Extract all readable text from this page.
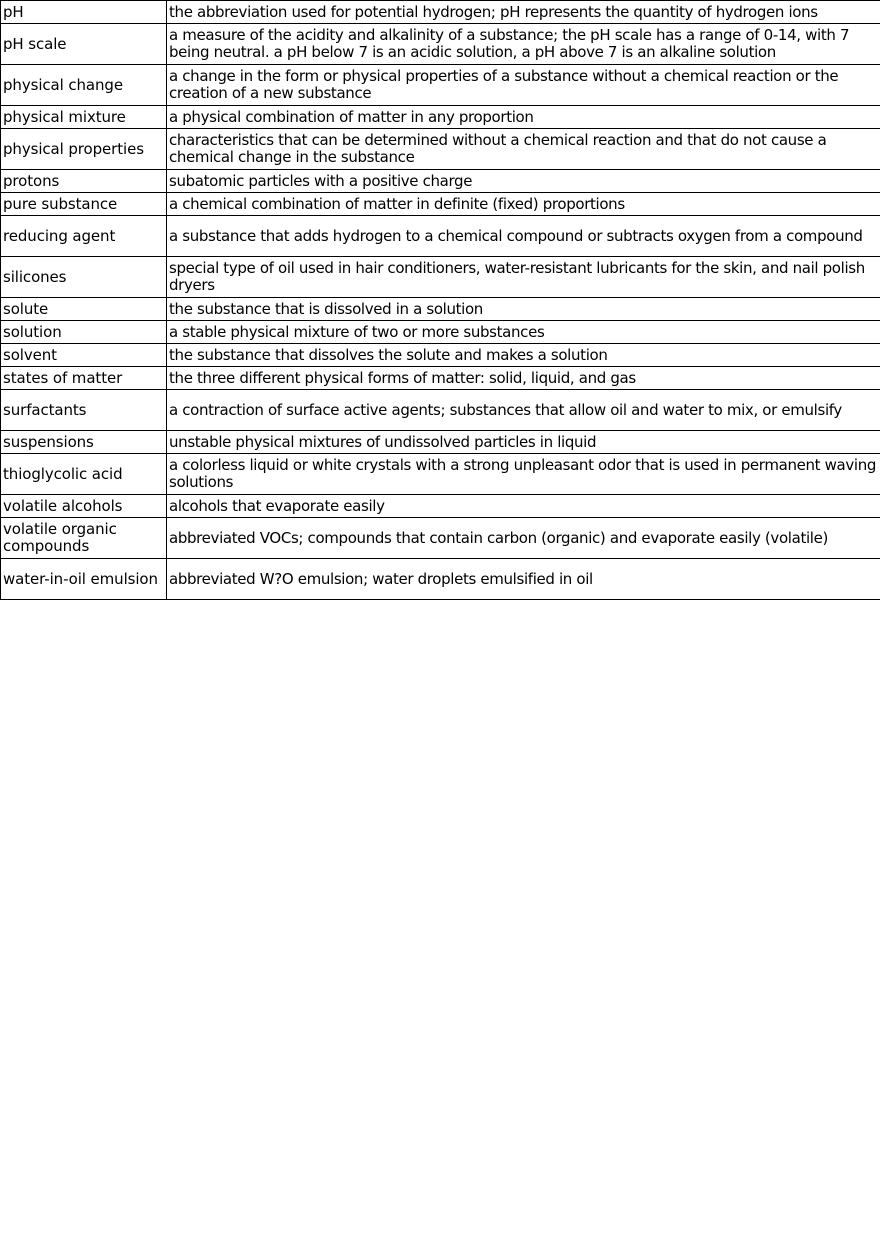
pH	the abbreviation used for potential hydrogen; pH represents the quantity of hydrogen ions
pH scale	a measure of the acidity and alkalinity of a substance; the pH scale has a range of 0-14, with 7 being neutral. a pH below 7 is an acidic solution, a pH above 7 is an alkaline solution
physical change	a change in the form or physical properties of a substance without a chemical reaction or the creation of a new substance
physical mixture	a physical combination of matter in any proportion
physical properties	characteristics that can be determined without a chemical reaction and that do not cause a chemical change in the substance
protons	subatomic particles with a positive charge
pure substance	a chemical combination of matter in definite (fixed) proportions
reducing agent	a substance that adds hydrogen to a chemical compound or subtracts oxygen from a compound
silicones	special type of oil used in hair conditioners, water-resistant lubricants for the skin, and nail polish dryers
solute	the substance that is dissolved in a solution
solution	a stable physical mixture of two or more substances
solvent	the substance that dissolves the solute and makes a solution
states of matter	the three different physical forms of matter: solid, liquid, and gas
surfactants	a contraction of surface active agents; substances that allow oil and water to mix, or emulsify
suspensions	unstable physical mixtures of undissolved particles in liquid
thioglycolic acid	a colorless liquid or white crystals with a strong unpleasant odor that is used in permanent waving solutions
volatile alcohols	alcohols that evaporate easily
volatile organic compounds	abbreviated VOCs; compounds that contain carbon (organic) and evaporate easily (volatile)
water-in-oil emulsion	abbreviated W?O emulsion; water droplets emulsified in oil
